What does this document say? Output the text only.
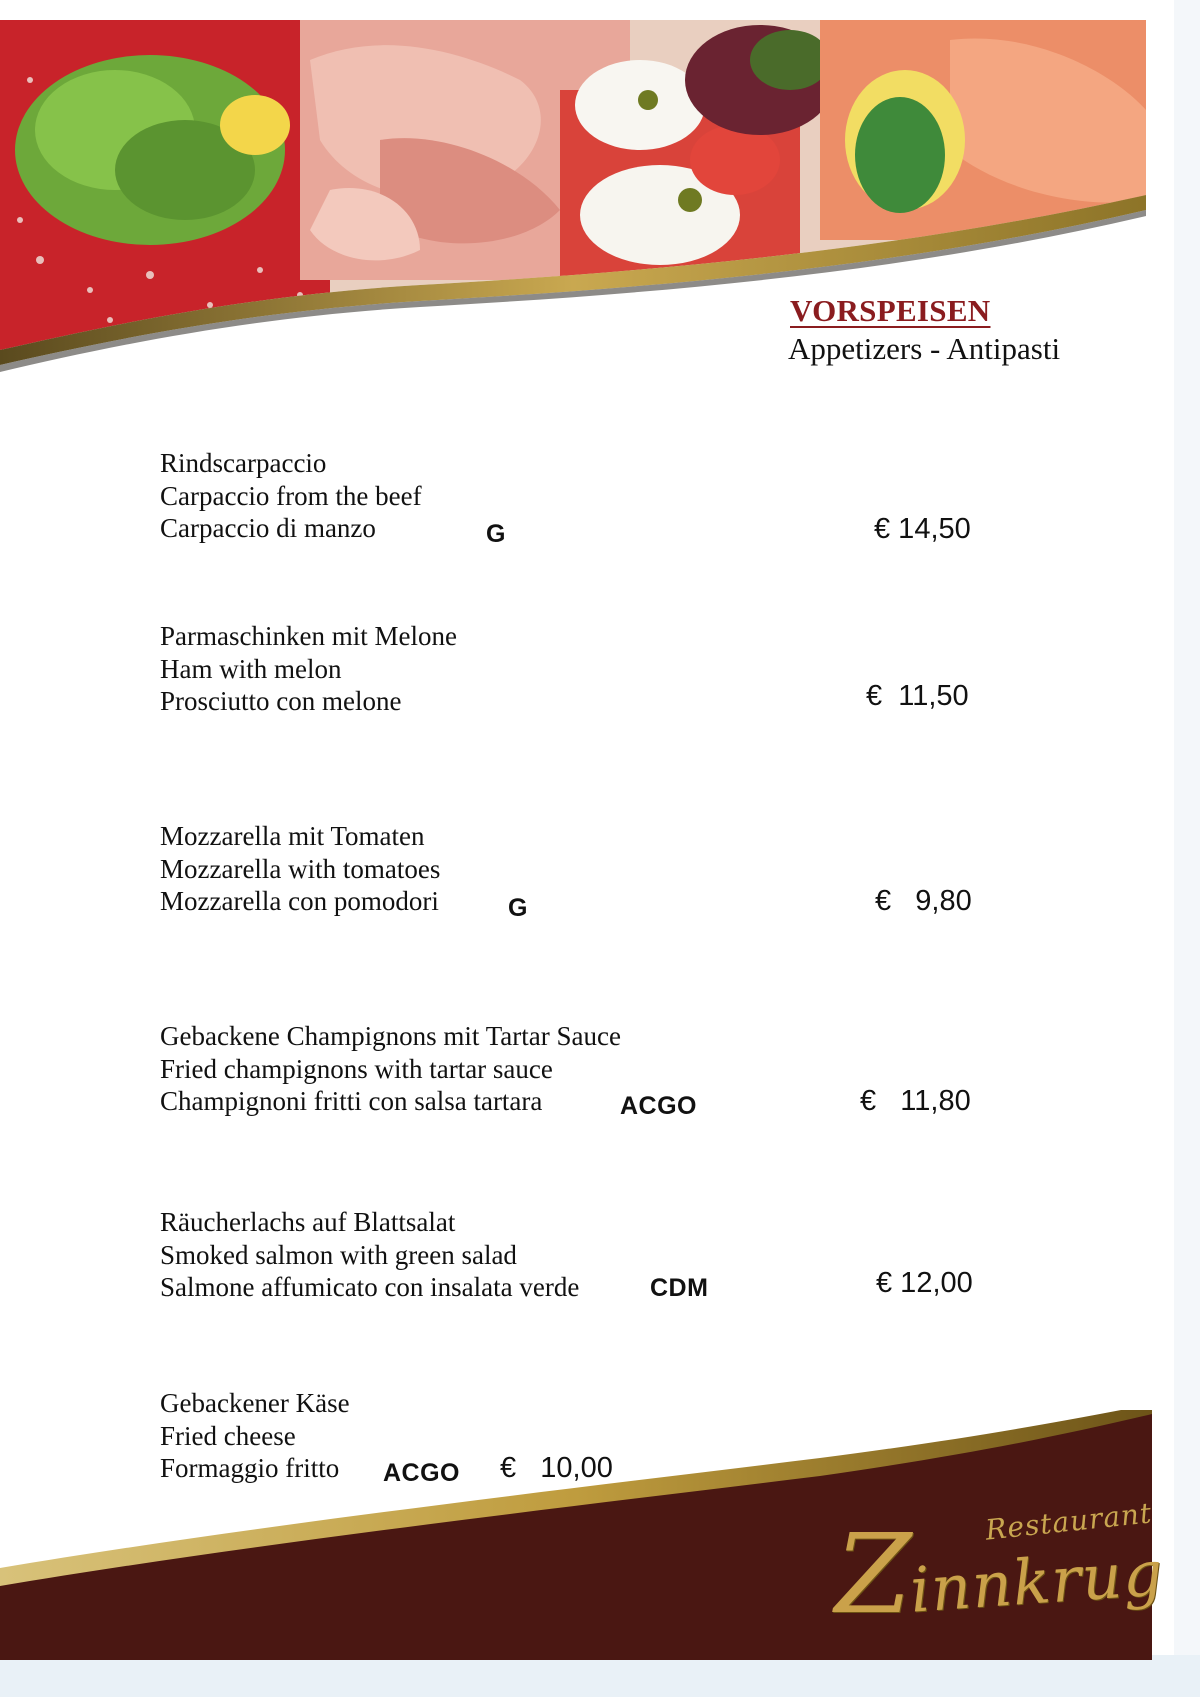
VORSPEISEN
Appetizers - Antipasti
Rindscarpaccio
Carpaccio from the beef
Carpaccio di manzo	G	€ 14,50
Parmaschinken mit Melone
Ham with melon
Prosciutto con melone	€  11,50
Mozzarella mit Tomaten
Mozzarella with tomatoes
Mozzarella con pomodori	G	€   9,80
Gebackene Champignons mit Tartar Sauce
Fried champignons with tartar sauce
Champignoni fritti con salsa tartara	ACGO	€   11,80
Räucherlachs auf Blattsalat
Smoked salmon with green salad
Salmone affumicato con insalata verde	CDM	€ 12,00
Gebackener Käse
Fried cheese
Formaggio fritto	ACGO €   10,00
Restaurant
Z
innkrug
